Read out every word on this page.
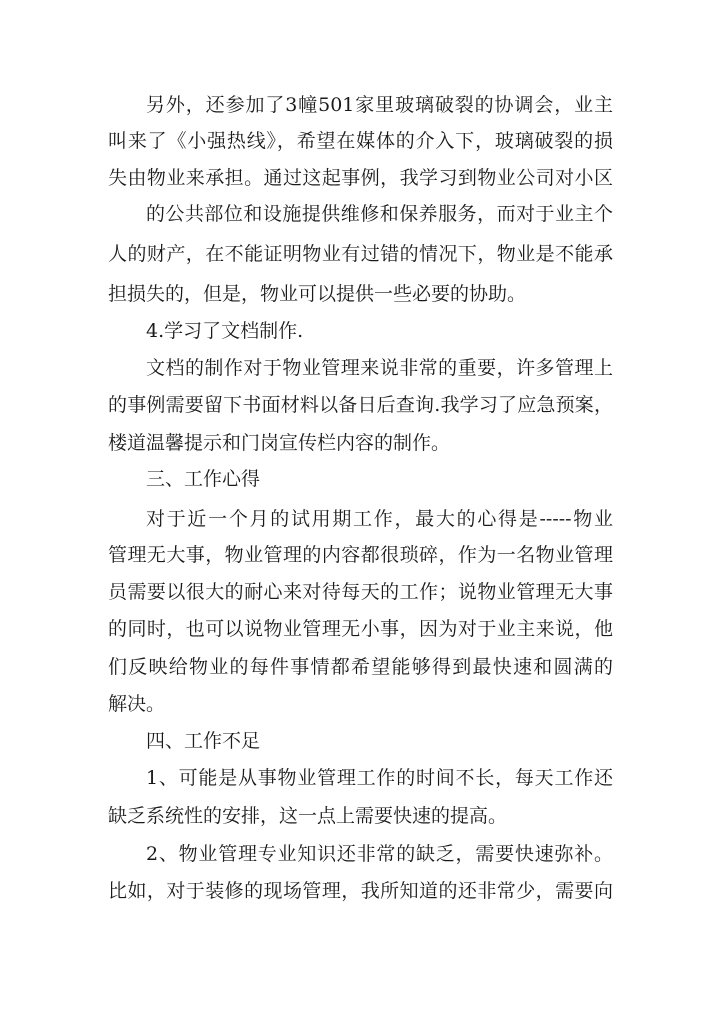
另外，还参加了3幢501家里玻璃破裂的协调会，业主
叫来了《小强热线》，希望在媒体的介入下，玻璃破裂的损
失由物业来承担。通过这起事例，我学习到物业公司对小区
的公共部位和设施提供维修和保养服务，而对于业主个
人的财产，在不能证明物业有过错的情况下，物业是不能承
担损失的，但是，物业可以提供一些必要的协助。
4.学习了文档制作.
文档的制作对于物业管理来说非常的重要，许多管理上
的事例需要留下书面材料以备日后查询.我学习了应急预案，
楼道温馨提示和门岗宣传栏内容的制作。
三、工作心得
对于近一个月的试用期工作，最大的心得是-----物业
管理无大事，物业管理的内容都很琐碎，作为一名物业管理
员需要以很大的耐心来对待每天的工作；说物业管理无大事
的同时，也可以说物业管理无小事，因为对于业主来说，他
们反映给物业的每件事情都希望能够得到最快速和圆满的
解决。
四、工作不足
1、可能是从事物业管理工作的时间不长，每天工作还
缺乏系统性的安排，这一点上需要快速的提高。
2、物业管理专业知识还非常的缺乏，需要快速弥补。
比如，对于装修的现场管理，我所知道的还非常少，需要向
